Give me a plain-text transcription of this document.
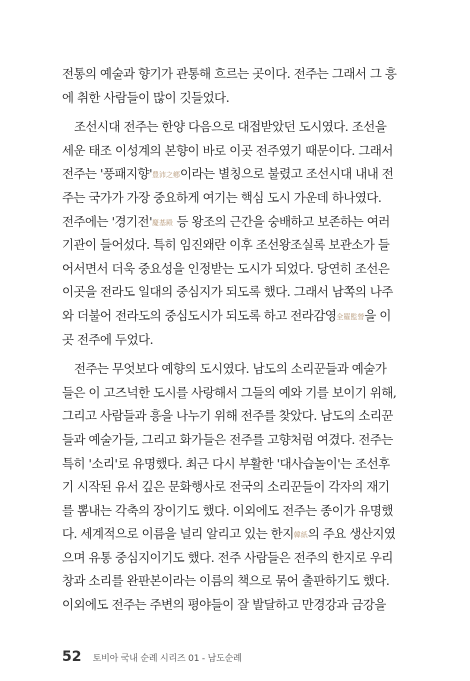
전통의 예술과 향기가 관통해 흐르는 곳이다. 전주는 그래서 그 흥
에 취한 사람들이 많이 깃들었다.
　조선시대 전주는 한양 다음으로 대접받았던 도시였다. 조선을
세운 태조 이성계의 본향이 바로 이곳 전주였기 때문이다. 그래서
전주는 '풍패지향'豊沛之鄕이라는 별칭으로 불렸고 조선시대 내내 전
주는 국가가 가장 중요하게 여기는 핵심 도시 가운데 하나였다.
전주에는 '경기전'慶基殿 등 왕조의 근간을 숭배하고 보존하는 여러
기관이 들어섰다. 특히 임진왜란 이후 조선왕조실록 보관소가 들
어서면서 더욱 중요성을 인정받는 도시가 되었다. 당연히 조선은
이곳을 전라도 일대의 중심지가 되도록 했다. 그래서 남쪽의 나주
와 더불어 전라도의 중심도시가 되도록 하고 전라감영全羅監營을 이
곳 전주에 두었다.
　전주는 무엇보다 예향의 도시였다. 남도의 소리꾼들과 예술가
들은 이 고즈넉한 도시를 사랑해서 그들의 예와 기를 보이기 위해,
그리고 사람들과 흥을 나누기 위해 전주를 찾았다. 남도의 소리꾼
들과 예술가들, 그리고 화가들은 전주를 고향처럼 여겼다. 전주는
특히 '소리'로 유명했다. 최근 다시 부활한 '대사습놀이'는 조선후
기 시작된 유서 깊은 문화행사로 전국의 소리꾼들이 각자의 재기
를 뽐내는 각축의 장이기도 했다. 이외에도 전주는 종이가 유명했
다. 세계적으로 이름을 널리 알리고 있는 한지韓紙의 주요 생산지였
으며 유통 중심지이기도 했다. 전주 사람들은 전주의 한지로 우리
창과 소리를 완판본이라는 이름의 책으로 묶어 출판하기도 했다.
이외에도 전주는 주변의 평야들이 잘 발달하고 만경강과 금강을
52 토비아 국내 순례 시리즈 01 - 남도순례
